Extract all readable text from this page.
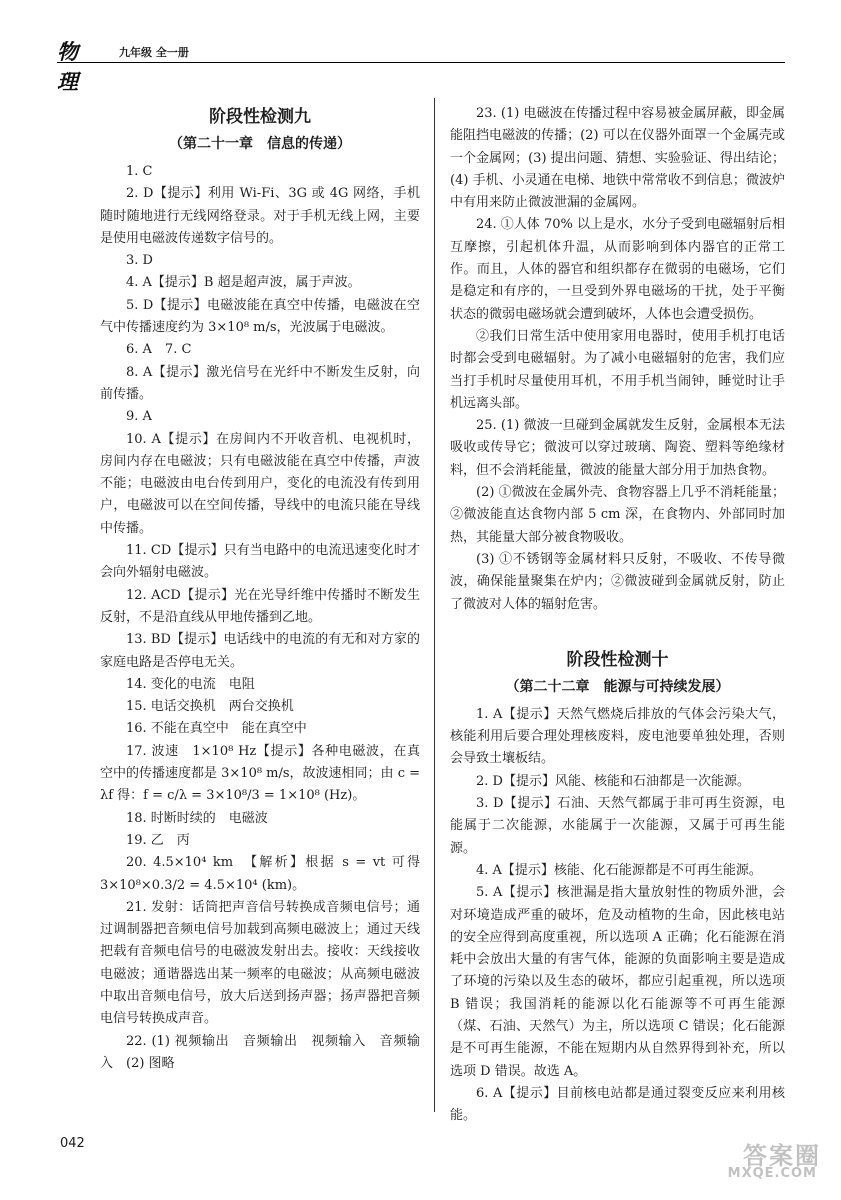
物理
九年级 全一册

阶段性检测九

（第二十一章　信息的传递）

1. C

2. D【提示】利用 Wi-Fi、3G 或 4G 网络，手机随时随地进行无线网络登录。对于手机无线上网，主要是使用电磁波传递数字信号的。

3. D

4. A【提示】B 超是超声波，属于声波。

5. D【提示】电磁波能在真空中传播，电磁波在空气中传播速度约为 3×10⁸ m/s，光波属于电磁波。

6. A　7. C

8. A【提示】激光信号在光纤中不断发生反射，向前传播。

9. A

10. A【提示】在房间内不开收音机、电视机时，房间内存在电磁波；只有电磁波能在真空中传播，声波不能；电磁波由电台传到用户，变化的电流没有传到用户，电磁波可以在空间传播，导线中的电流只能在导线中传播。

11. CD【提示】只有当电路中的电流迅速变化时才会向外辐射电磁波。

12. ACD【提示】光在光导纤维中传播时不断发生反射，不是沿直线从甲地传播到乙地。

13. BD【提示】电话线中的电流的有无和对方家的家庭电路是否停电无关。

14. 变化的电流　电阻

15. 电话交换机　两台交换机

16. 不能在真空中　能在真空中

17. 波速　1×10⁸ Hz【提示】各种电磁波，在真空中的传播速度都是 3×10⁸ m/s，故波速相同；由 c = λf 得：f = c/λ = 3×10⁸/3 = 1×10⁸ (Hz)。

18. 时断时续的　电磁波

19. 乙　丙

20. 4.5×10⁴ km　【解析】根据 s = vt 可得 3×10⁸×0.3/2 = 4.5×10⁴ (km)。

21. 发射：话筒把声音信号转换成音频电信号；通过调制器把音频电信号加载到高频电磁波上；通过天线把载有音频电信号的电磁波发射出去。接收：天线接收电磁波；通谐器选出某一频率的电磁波；从高频电磁波中取出音频电信号，放大后送到扬声器；扬声器把音频电信号转换成声音。

22. (1) 视频输出　音频输出　视频输入　音频输入　(2) 图略

23. (1) 电磁波在传播过程中容易被金属屏蔽，即金属能阻挡电磁波的传播；(2) 可以在仪器外面罩一个金属壳或一个金属网；(3) 提出问题、猜想、实验验证、得出结论；(4) 手机、小灵通在电梯、地铁中常常收不到信息；微波炉中有用来防止微波泄漏的金属网。

24. ①人体 70% 以上是水，水分子受到电磁辐射后相互摩擦，引起机体升温，从而影响到体内器官的正常工作。而且，人体的器官和组织都存在微弱的电磁场，它们是稳定和有序的，一旦受到外界电磁场的干扰，处于平衡状态的微弱电磁场就会遭到破坏，人体也会遭受损伤。

②我们日常生活中使用家用电器时，使用手机打电话时都会受到电磁辐射。为了减小电磁辐射的危害，我们应当打手机时尽量使用耳机，不用手机当闹钟，睡觉时让手机远离头部。

25. (1) 微波一旦碰到金属就发生反射，金属根本无法吸收或传导它；微波可以穿过玻璃、陶瓷、塑料等绝缘材料，但不会消耗能量，微波的能量大部分用于加热食物。

(2) ①微波在金属外壳、食物容器上几乎不消耗能量；②微波能直达食物内部 5 cm 深，在食物内、外部同时加热，其能量大部分被食物吸收。

(3) ①不锈钢等金属材料只反射，不吸收、不传导微波，确保能量聚集在炉内；②微波碰到金属就反射，防止了微波对人体的辐射危害。

阶段性检测十

（第二十二章　能源与可持续发展）

1. A【提示】天然气燃烧后排放的气体会污染大气，核能利用后要合理处理核废料，废电池要单独处理，否则会导致土壤板结。

2. D【提示】风能、核能和石油都是一次能源。

3. D【提示】石油、天然气都属于非可再生资源，电能属于二次能源，水能属于一次能源，又属于可再生能源。

4. A【提示】核能、化石能源都是不可再生能源。

5. A【提示】核泄漏是指大量放射性的物质外泄，会对环境造成严重的破坏，危及动植物的生命，因此核电站的安全应得到高度重视，所以选项 A 正确；化石能源在消耗中会放出大量的有害气体，能源的负面影响主要是造成了环境的污染以及生态的破坏，都应引起重视，所以选项 B 错误；我国消耗的能源以化石能源等不可再生能源（煤、石油、天然气）为主，所以选项 C 错误；化石能源是不可再生能源，不能在短期内从自然界得到补充，所以选项 D 错误。故选 A。

6. A【提示】目前核电站都是通过裂变反应来利用核能。

042	答案圈
MXQE.COM
